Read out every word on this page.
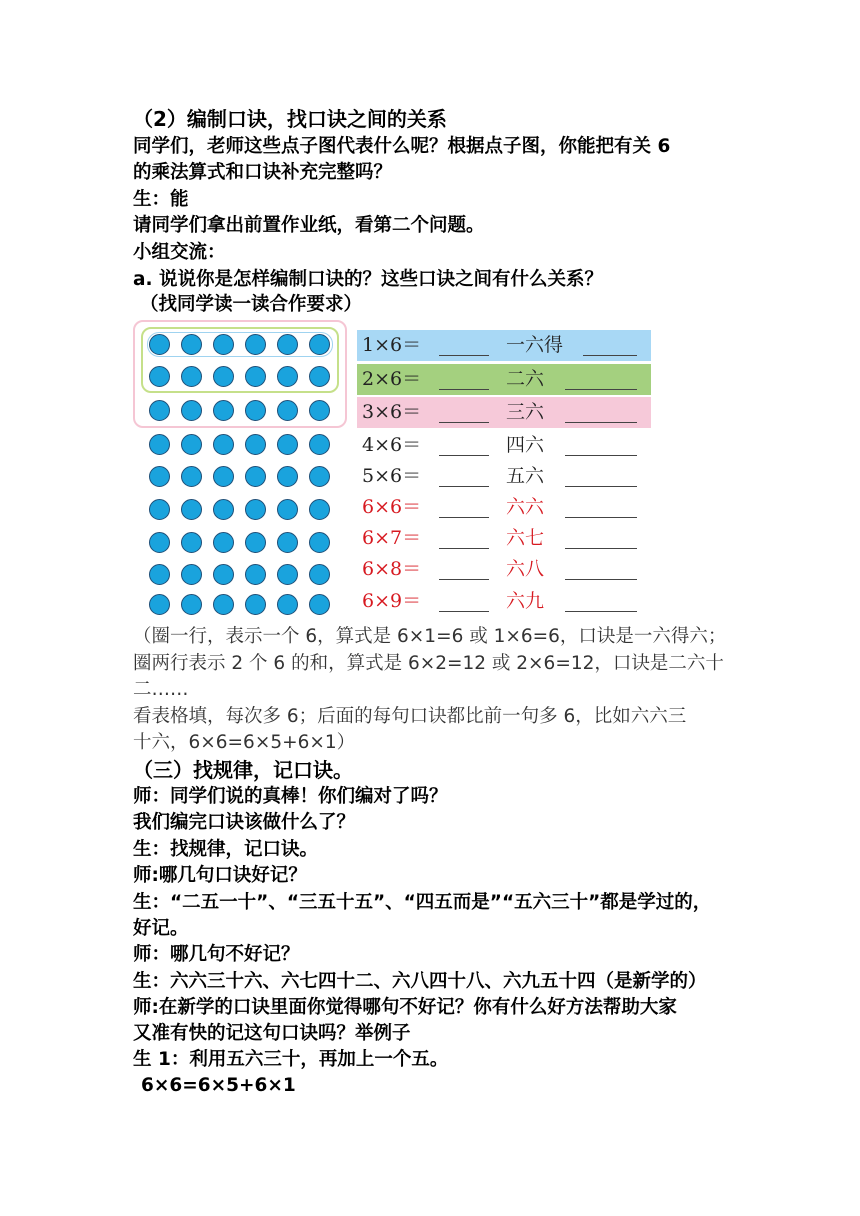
（2）编制口诀，找口诀之间的关系
同学们，老师这些点子图代表什么呢？根据点子图，你能把有关 6
的乘法算式和口诀补充完整吗？
生：能
请同学们拿出前置作业纸，看第二个问题。
小组交流：
a. 说说你是怎样编制口诀的？这些口诀之间有什么关系？
（找同学读一读合作要求）
1×6＝	一六得
2×6＝	二六
3×6＝	三六
4×6＝	四六
5×6＝	五六
6×6＝	六六
6×7＝	六七
6×8＝	六八
6×9＝	六九
（圈一行，表示一个 6，算式是 6×1=6 或 1×6=6，口诀是一六得六；
圈两行表示 2 个 6 的和，算式是 6×2=12 或 2×6=12，口诀是二六十
二……
看表格填，每次多 6；后面的每句口诀都比前一句多 6，比如六六三
十六，6×6=6×5+6×1）
（三）找规律，记口诀。
师：同学们说的真棒！你们编对了吗？
我们编完口诀该做什么了？
生：找规律，记口诀。
师:哪几句口诀好记？
生：“二五一十”、“三五十五”、“四五而是”“五六三十”都是学过的，
好记。
师：哪几句不好记？
生：六六三十六、六七四十二、六八四十八、六九五十四（是新学的）
师:在新学的口诀里面你觉得哪句不好记？你有什么好方法帮助大家
又准有快的记这句口诀吗？举例子
生 1：利用五六三十，再加上一个五。
6×6=6×5+6×1
